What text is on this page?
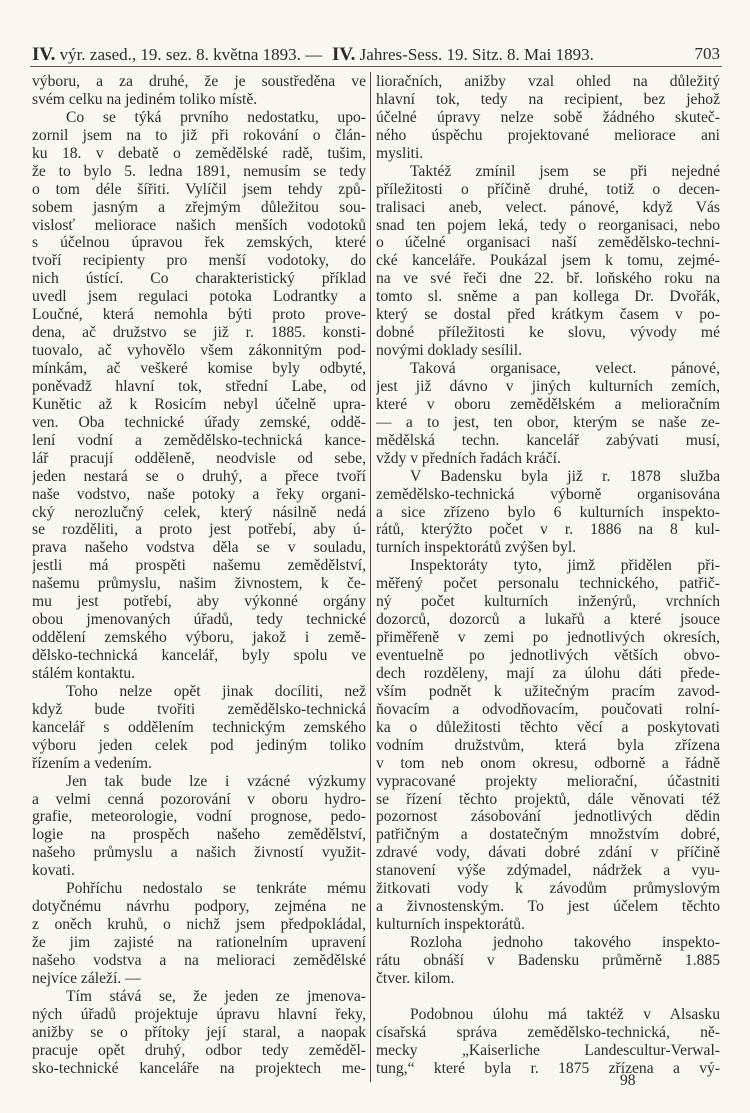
IV. výr. zased., 19. sez. 8. května 1893. — IV. Jahres-Sess. 19. Sitz. 8. Mai 1893.	703
výboru, a za druhé, že je soustředěna ve
svém celku na jediném toliko místě.
Co se týká prvního nedostatku, upo-
zornil jsem na to již při rokování o člán-
ku 18. v debatě o zemědělské radě, tušim,
že to bylo 5. ledna 1891, nemusím se tedy
o tom déle šířiti. Vylíčil jsem tehdy způ-
sobem jasným a zřejmým důležitou sou-
vislosť meliorace našich menších vodotoků
s účelnou úpravou řek zemských, které
tvoří recipienty pro menší vodotoky, do
nich ústící. Co charakteristický příklad
uvedl jsem regulaci potoka Lodrantky a
Loučné, která nemohla býti proto prove-
dena, ač družstvo se již r. 1885. konsti-
tuovalo, ač vyhovělo všem zákonnitým pod-
mínkám, ač veškeré komise byly odbyté,
poněvadž hlavní tok, střední Labe, od
Kunětic až k Rosicím nebyl účelně upra-
ven. Oba technické úřady zemské, oddě-
lení vodní a zemědělsko-technická kance-
lář pracují odděleně, neodvisle od sebe,
jeden nestará se o druhý, a přece tvoří
naše vodstvo, naše potoky a řeky organi-
cký nerozlučný celek, který násilně nedá
se rozděliti, a proto jest potřebí, aby ú-
prava našeho vodstva děla se v souladu,
jestli má prospěti našemu zemědělství,
našemu průmyslu, našim živnostem, k če-
mu jest potřebí, aby výkonné orgány
obou jmenovaných úřadů, tedy technické
oddělení zemského výboru, jakož i země-
dělsko-technická kancelář, byly spolu ve
stálém kontaktu.
Toho nelze opět jinak docíliti, než
když bude tvořiti zemědělsko-technická
kancelář s oddělením technickým zemského
výboru jeden celek pod jediným toliko
řízením a vedením.
Jen tak bude lze i vzácné výzkumy
a velmi cenná pozorování v oboru hydro-
grafie, meteorologie, vodní prognose, pedo-
logie na prospěch našeho zemědělství,
našeho průmyslu a našich živností využit-
kovati.
Pohříchu nedostalo se tenkráte mému
dotyčnému návrhu podpory, zejména ne
z oněch kruhů, o nichž jsem předpokládal,
že jim zajisté na rationelním upravení
našeho vodstva a na melioraci zemědělské
nejvíce záleží. —
Tím stává se, že jeden ze jmenova-
ných úřadů projektuje úpravu hlavní řeky,
anižby se o přítoky její staral, a naopak
pracuje opět druhý, odbor tedy zeměděl-
sko-technické kanceláře na projektech me-
lioračních, anižby vzal ohled na důležitý
hlavní tok, tedy na recipient, bez jehož
účelné úpravy nelze sobě žádného skuteč-
ného úspěchu projektované meliorace ani
mysliti.
Taktéž zmínil jsem se při nejedné
příležitosti o příčině druhé, totiž o decen-
tralisaci aneb, velect. pánové, když Vás
snad ten pojem leká, tedy o reorganisaci, nebo
o účelné organisaci naší zemědělsko-techni-
cké kanceláře. Poukázal jsem k tomu, zejmé-
na ve své řeči dne 22. bř. loňského roku na
tomto sl. sněme a pan kollega Dr. Dvořák,
který se dostal před krátkym časem v po-
dobné příležitosti ke slovu, vývody mé
novými doklady sesílil.
Taková organisace, velect. pánové,
jest již dávno v jiných kulturních zemích,
které v oboru zemědělském a melioračním
— a to jest, ten obor, kterým se naše ze-
mědělská techn. kancelář zabývati musí,
vždy v předních řadách kráčí.
V Badensku byla již r. 1878 služba
zemědělsko-technická výborně organisována
a sice zřízeno bylo 6 kulturních inspekto-
rátů, kterýžto počet v r. 1886 na 8 kul-
turních inspektorátů zvýšen byl.
Inspektoráty tyto, jimž přidělen při-
měřený počet personalu technického, patřič-
ný počet kulturních inženýrů, vrchních
dozorců, dozorců a lukařů a které jsouce
přiměřeně v zemi po jednotlivých okresích,
eventuelně po jednotlivých větších obvo-
dech rozděleny, mají za úlohu dáti přede-
vším podnět k užitečným pracím zavod-
ňovacím a odvodňovacím, poučovati rolní-
ka o důležitosti těchto věcí a poskytovati
vodním družstvům, která byla zřízena
v tom neb onom okresu, odborně a řádně
vypracované projekty meliorační, účastniti
se řízení těchto projektů, dále věnovati též
pozornost zásobování jednotlivých dědin
patřičným a dostatečným množstvím dobré,
zdravé vody, dávati dobré zdání v příčině
stanovení výše zdýmadel, nádržek a vyu-
žitkovati vody k závodům průmyslovým
a živnostenským. To jest účelem těchto
kulturních inspektorátů.
Rozloha jednoho takového inspekto-
rátu obnáší v Badensku průměrně 1.885
čtver. kilom.
Podobnou úlohu má taktéž v Alsasku
císařská správa zemědělsko-technická, ně-
mecky „Kaiserliche Landescultur-Verwal-
tung,“ které byla r. 1875 zřízena a vý-
98
